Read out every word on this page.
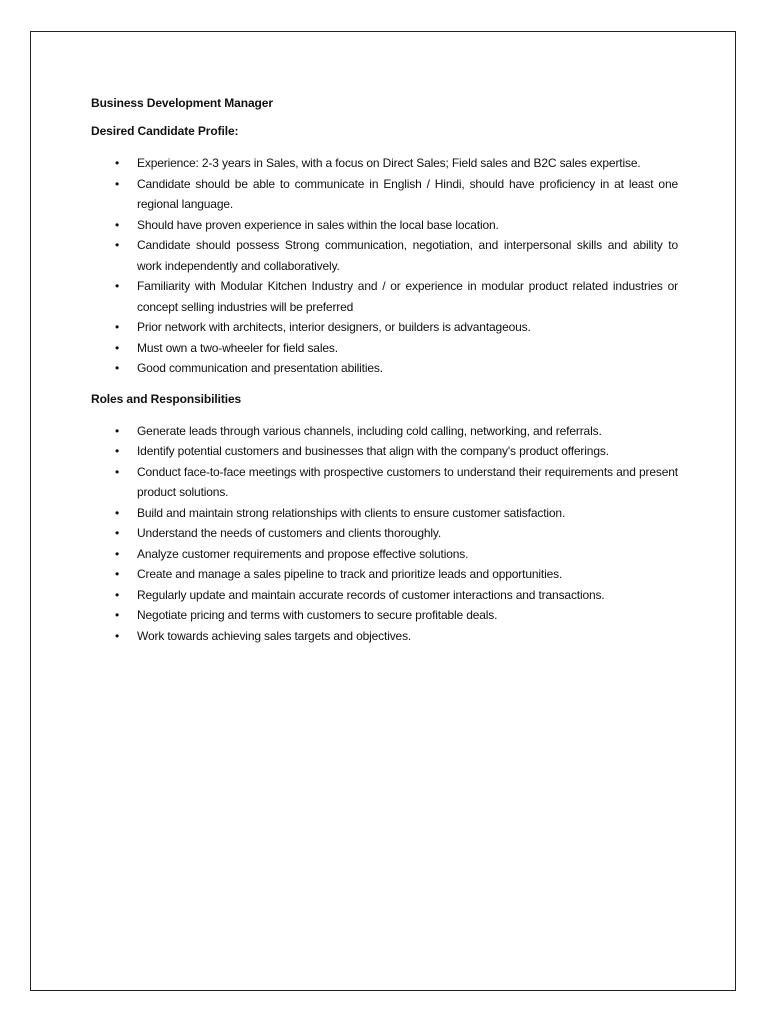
Business Development Manager

Desired Candidate Profile:

• Experience: 2-3 years in Sales, with a focus on Direct Sales; Field sales and B2C sales expertise.
• Candidate should be able to communicate in English / Hindi, should have proficiency in at least one regional language.
• Should have proven experience in sales within the local base location.
• Candidate should possess Strong communication, negotiation, and interpersonal skills and ability to work independently and collaboratively.
• Familiarity with Modular Kitchen Industry and / or experience in modular product related industries or concept selling industries will be preferred
• Prior network with architects, interior designers, or builders is advantageous.
• Must own a two-wheeler for field sales.
• Good communication and presentation abilities.

Roles and Responsibilities

• Generate leads through various channels, including cold calling, networking, and referrals.
• Identify potential customers and businesses that align with the company's product offerings.
• Conduct face-to-face meetings with prospective customers to understand their requirements and present product solutions.
• Build and maintain strong relationships with clients to ensure customer satisfaction.
• Understand the needs of customers and clients thoroughly.
• Analyze customer requirements and propose effective solutions.
• Create and manage a sales pipeline to track and prioritize leads and opportunities.
• Regularly update and maintain accurate records of customer interactions and transactions.
• Negotiate pricing and terms with customers to secure profitable deals.
• Work towards achieving sales targets and objectives.
